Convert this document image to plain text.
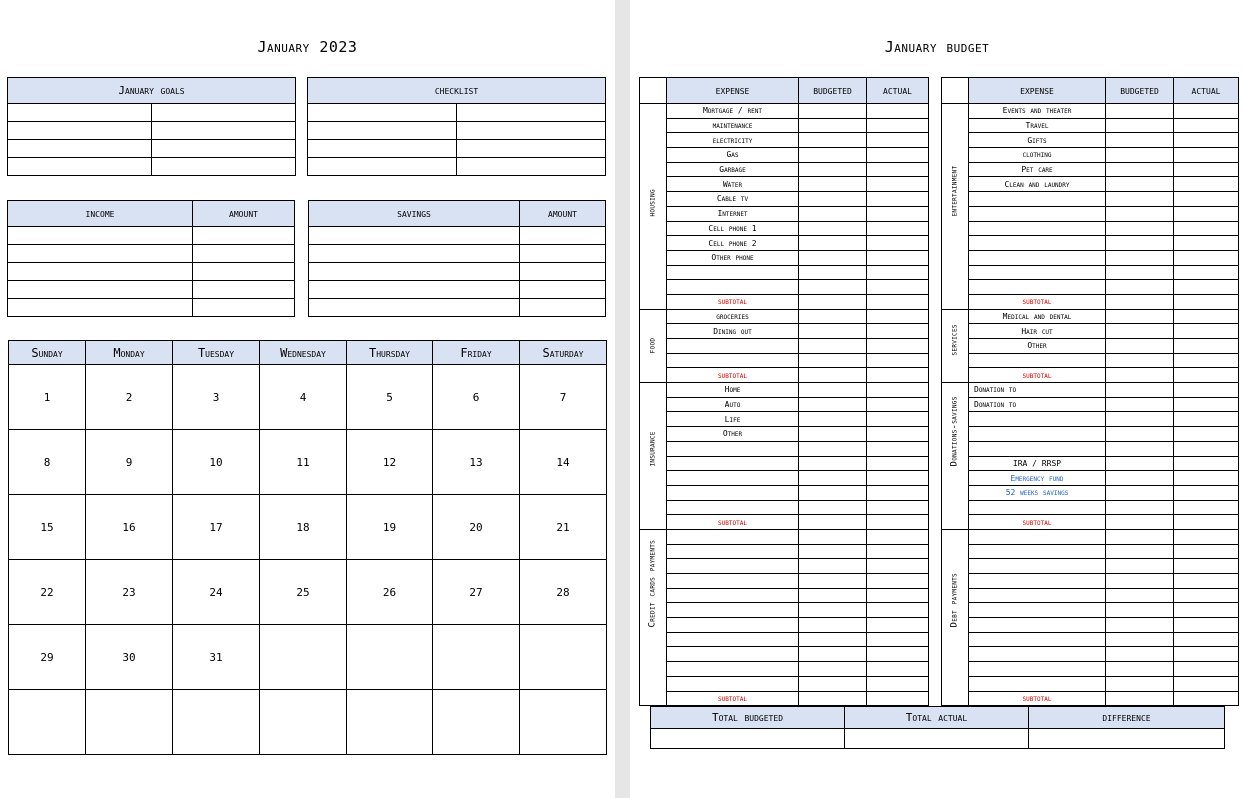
January 2023
January goals	

		checklist	

income	amount

		savings	amount

Sunday	Monday	Tuesday	Wednesday	Thursday	Friday	Saturday
1	2	3	4	5	6	7
8	9	10	11	12	13	14
15	16	17	18	19	20	21
22	23	24	25	26	27	28
29	30	31				

January budget
	expense	budgeted	actual

housing	Mortgage / rent		
	maintenance		
	electricity		
	Gas		
	Garbage		
	Water		
	Cable tv		
	Internet		
	Cell phone 1		
	Cell phone 2		
	Other phone		

	subtotal		

food	groceries		
	Dining out		

	subtotal		

insurance	Home		
	Auto		
	Life		
	Other		

	subtotal		

Credit cards payments			

	subtotal		
	expense	budgeted	actual

entertainment	Events and theater		
	Travel		
	Gifts		
	clothing		
	Pet care		
	Clean and laundry		

	subtotal		

services	Medical and dental		
	Hair cut		
	Other		

	subtotal		

Donations-savings	Donation to		
	Donation to		

	IRA / RRSP		
	Emergency fund		
	52 weeks savings		

	subtotal		

Debt payments			

	subtotal		
Total budgeted	Total actual	difference
